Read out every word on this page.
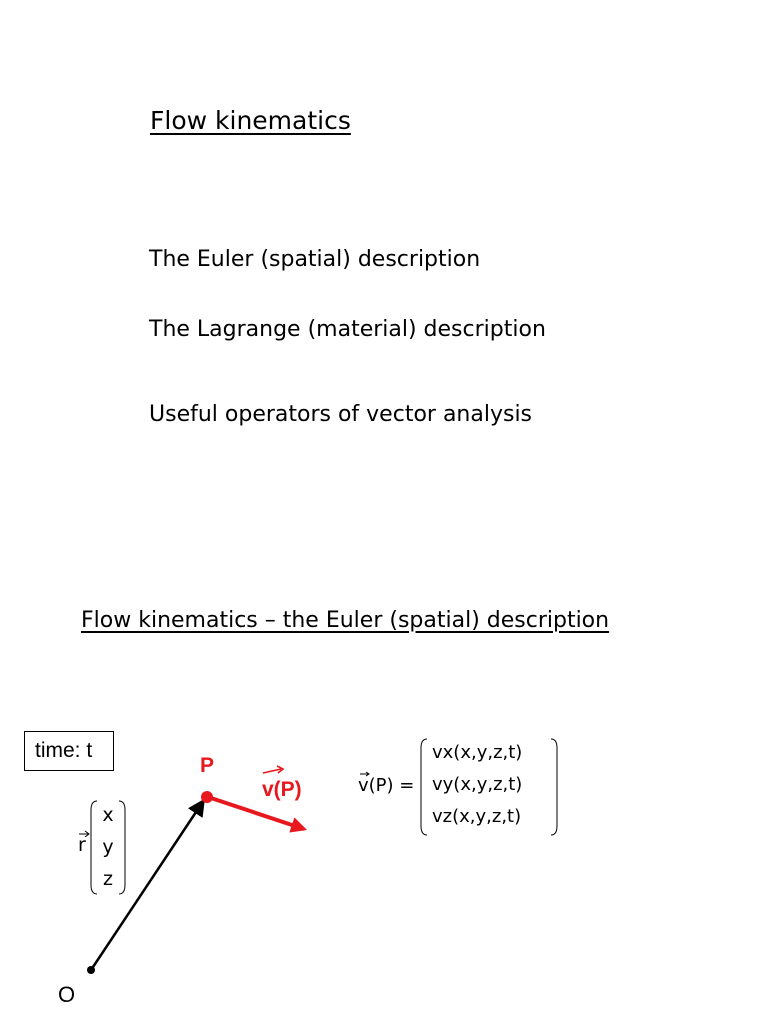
Flow kinematics
The Euler (spatial) description
The Lagrange (material) description
Useful operators of vector analysis
Flow kinematics – the Euler (spatial) description
time: t
P
v(P)
O
r
x
y
z
v(P) =
vx(x,y,z,t)
vy(x,y,z,t)
vz(x,y,z,t)
